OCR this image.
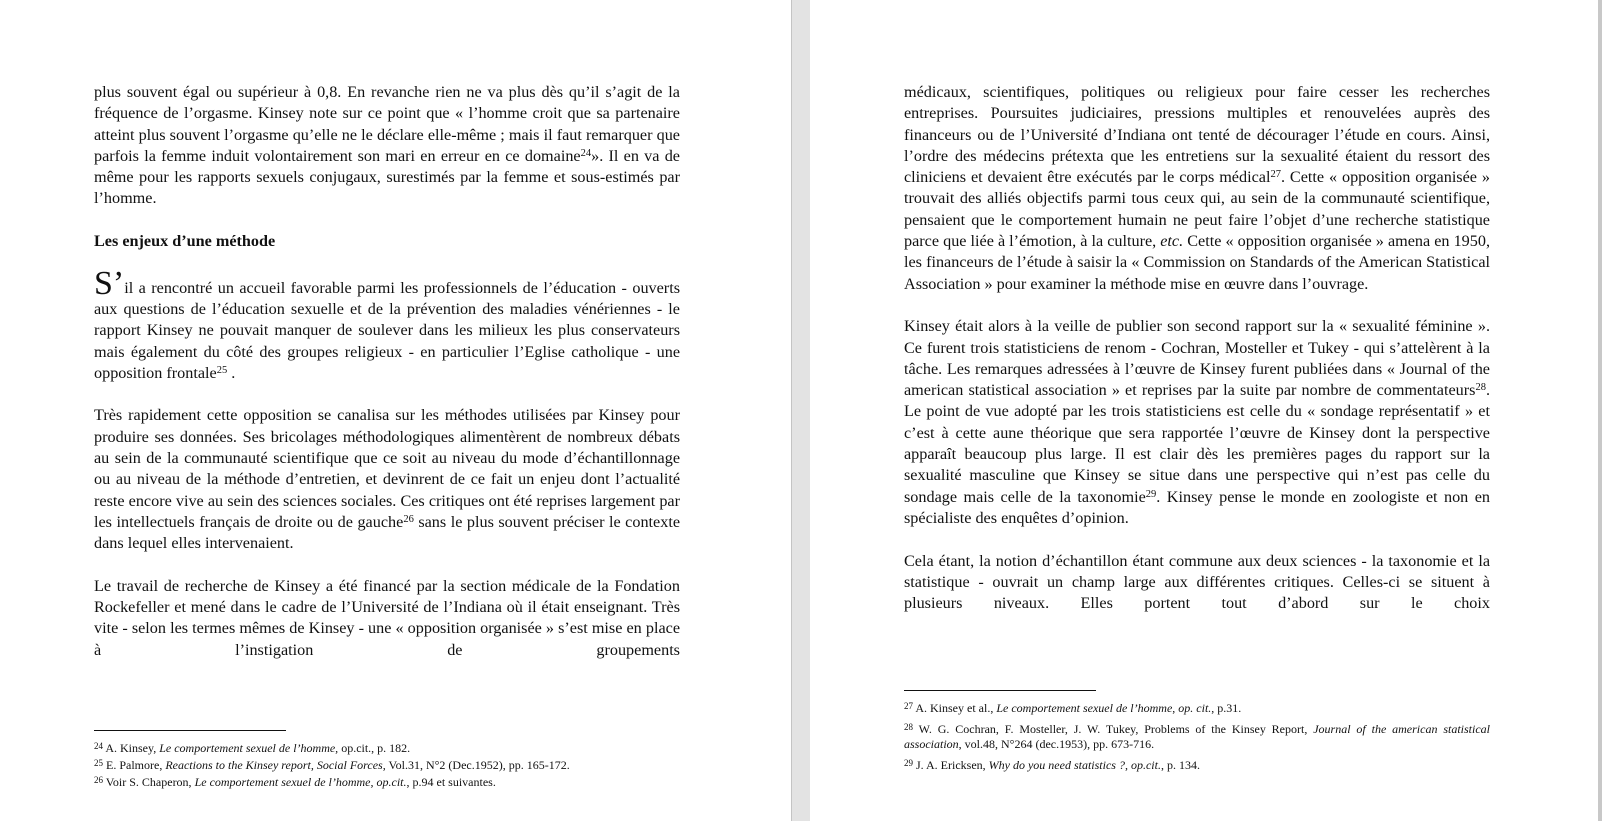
plus souvent égal ou supérieur à 0,8. En revanche rien ne va plus dès qu’il s’agit de la fréquence de l’orgasme. Kinsey note sur ce point que « l’homme croit que sa partenaire atteint plus souvent l’orgasme qu’elle ne le déclare elle-même ; mais il faut remarquer que parfois la femme induit volontairement son mari en erreur en ce domaine$^{24}$». Il en va de même pour les rapports sexuels conjugaux, surestimés par la femme et sous-estimés par l’homme.

Les enjeux d’une méthode

S’il a rencontré un accueil favorable parmi les professionnels de l’éducation - ouverts aux questions de l’éducation sexuelle et de la prévention des maladies vénériennes - le rapport Kinsey ne pouvait manquer de soulever dans les milieux les plus conservateurs mais également du côté des groupes religieux - en particulier l’Eglise catholique - une opposition frontale$^{25}$ .

Très rapidement cette opposition se canalisa sur les méthodes utilisées par Kinsey pour produire ses données. Ses bricolages méthodologiques alimentèrent de nombreux débats au sein de la communauté scientifique que ce soit au niveau du mode d’échantillonnage ou au niveau de la méthode d’entretien, et devinrent de ce fait un enjeu dont l’actualité reste encore vive au sein des sciences sociales. Ces critiques ont été reprises largement par les intellectuels français de droite ou de gauche$^{26}$ sans le plus souvent préciser le contexte dans lequel elles intervenaient.

Le travail de recherche de Kinsey a été financé par la section médicale de la Fondation Rockefeller et mené dans le cadre de l’Université de l’Indiana où il était enseignant. Très vite - selon les termes mêmes de Kinsey - une « opposition organisée » s’est mise en place à l’instigation de groupements

$^{24}$ A. Kinsey, Le comportement sexuel de l’homme, op.cit., p. 182.
$^{25}$ E. Palmore, Reactions to the Kinsey report, Social Forces, Vol.31, N°2 (Dec.1952), pp. 165-172.
$^{26}$ Voir S. Chaperon, Le comportement sexuel de l’homme, op.cit., p.94 et suivantes.

médicaux, scientifiques, politiques ou religieux pour faire cesser les recherches entreprises. Poursuites judiciaires, pressions multiples et renouvelées auprès des financeurs ou de l’Université d’Indiana ont tenté de décourager l’étude en cours. Ainsi, l’ordre des médecins prétexta que les entretiens sur la sexualité étaient du ressort des cliniciens et devaient être exécutés par le corps médical$^{27}$. Cette « opposition organisée » trouvait des alliés objectifs parmi tous ceux qui, au sein de la communauté scientifique, pensaient que le comportement humain ne peut faire l’objet d’une recherche statistique parce que liée à l’émotion, à la culture, etc. Cette « opposition organisée » amena en 1950, les financeurs de l’étude à saisir la « Commission on Standards of the American Statistical Association » pour examiner la méthode mise en œuvre dans l’ouvrage.

Kinsey était alors à la veille de publier son second rapport sur la « sexualité féminine ». Ce furent trois statisticiens de renom - Cochran, Mosteller et Tukey - qui s’attelèrent à la tâche. Les remarques adressées à l’œuvre de Kinsey furent publiées dans « Journal of the american statistical association » et reprises par la suite par nombre de commentateurs$^{28}$. Le point de vue adopté par les trois statisticiens est celle du « sondage représentatif » et c’est à cette aune théorique que sera rapportée l’œuvre de Kinsey dont la perspective apparaît beaucoup plus large. Il est clair dès les premières pages du rapport sur la sexualité masculine que Kinsey se situe dans une perspective qui n’est pas celle du sondage mais celle de la taxonomie$^{29}$. Kinsey pense le monde en zoologiste et non en spécialiste des enquêtes d’opinion.

Cela étant, la notion d’échantillon étant commune aux deux sciences - la taxonomie et la statistique - ouvrait un champ large aux différentes critiques. Celles-ci se situent à plusieurs niveaux. Elles portent tout d’abord sur le choix

$^{27}$ A. Kinsey et al., Le comportement sexuel de l’homme, op. cit., p.31.
$^{28}$ W. G. Cochran, F. Mosteller, J. W. Tukey, Problems of the Kinsey Report, Journal of the american statistical association, vol.48, N°264 (dec.1953), pp. 673-716.
$^{29}$ J. A. Ericksen, Why do you need statistics ?, op.cit., p. 134.
